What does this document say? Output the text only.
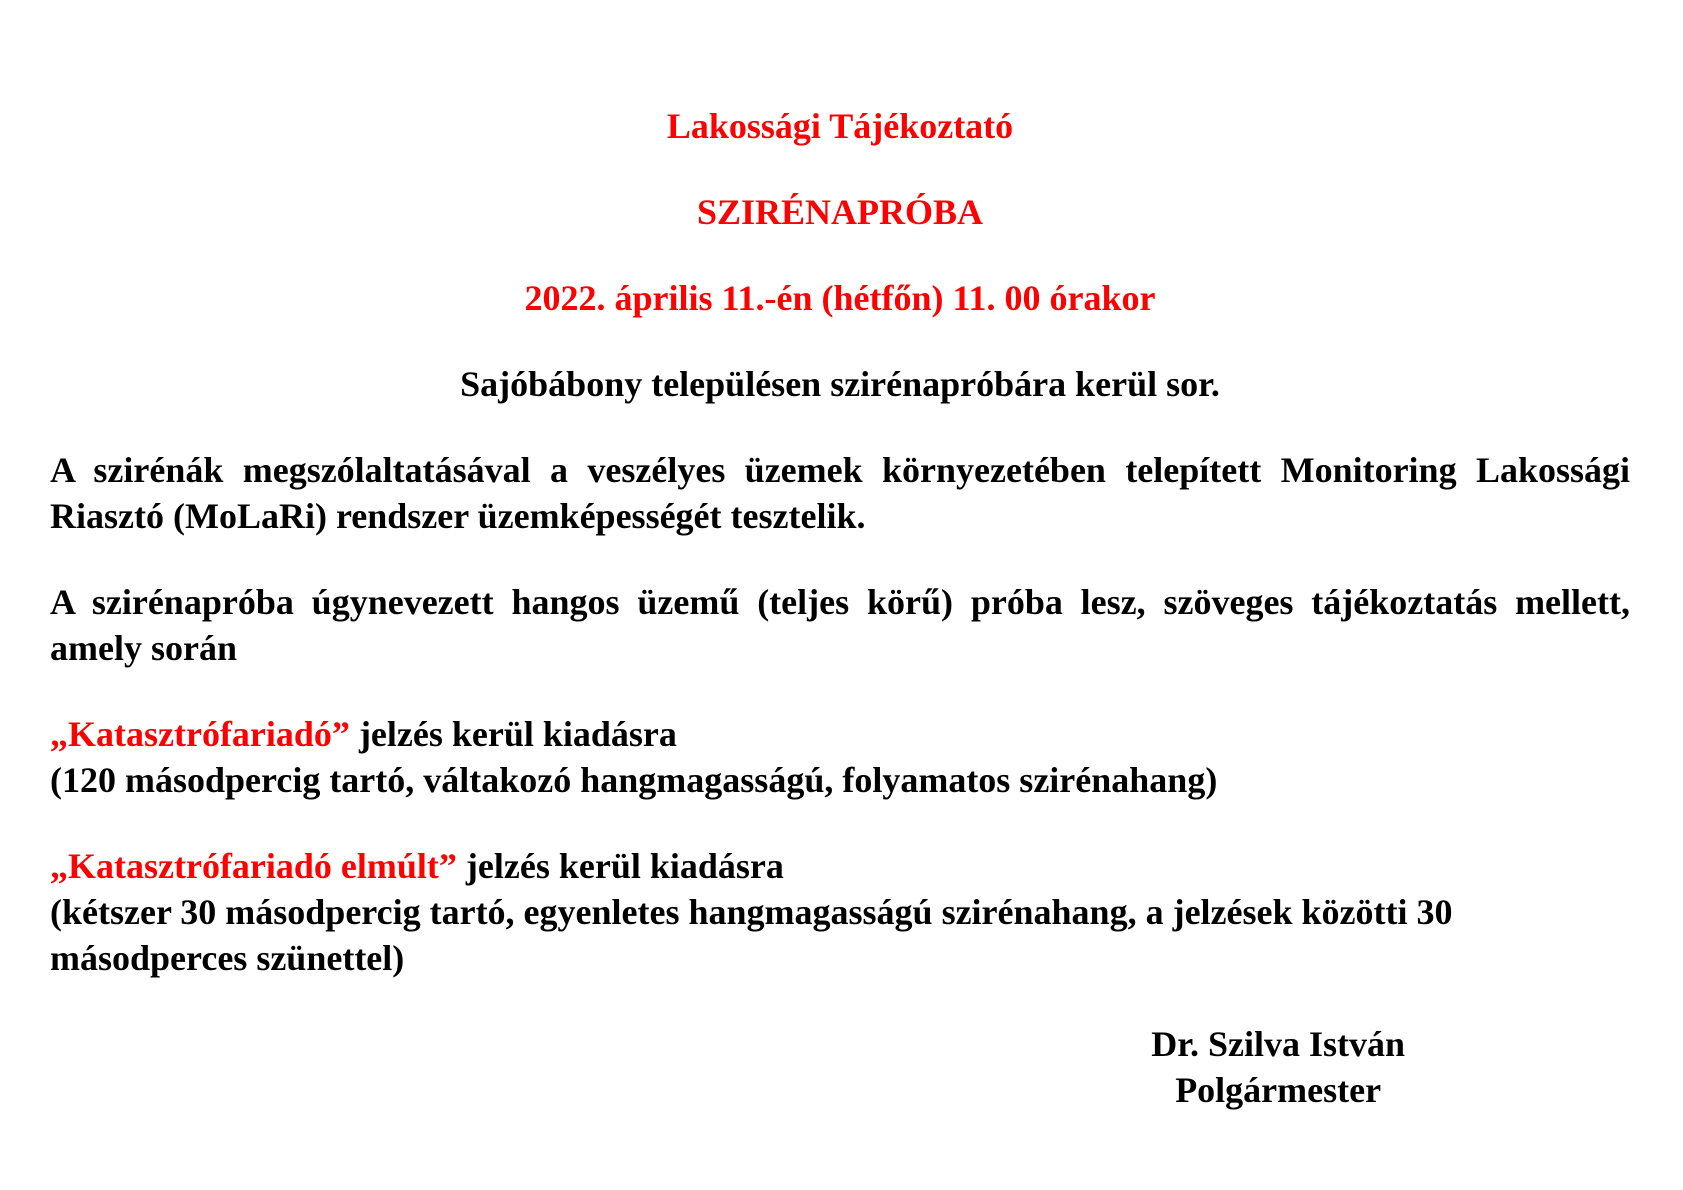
Lakossági Tájékoztató
SZIRÉNAPRÓBA
2022. április 11.-én (hétfőn) 11. 00 órakor

Sajóbábony településen szirénapróbára kerül sor.

A szirénák megszólaltatásával a veszélyes üzemek környezetében telepített Monitoring Lakossági Riasztó (MoLaRi) rendszer üzemképességét tesztelik.

A szirénapróba úgynevezett hangos üzemű (teljes körű) próba lesz, szöveges tájékoztatás mellett, amely során

„Katasztrófariadó” jelzés kerül kiadásra

(120 másodpercig tartó, váltakozó hangmagasságú, folyamatos szirénahang)

„Katasztrófariadó elmúlt” jelzés kerül kiadásra

(kétszer 30 másodpercig tartó, egyenletes hangmagasságú szirénahang, a jelzések közötti 30 másodperces szünettel)

Dr. Szilva István

Polgármester
